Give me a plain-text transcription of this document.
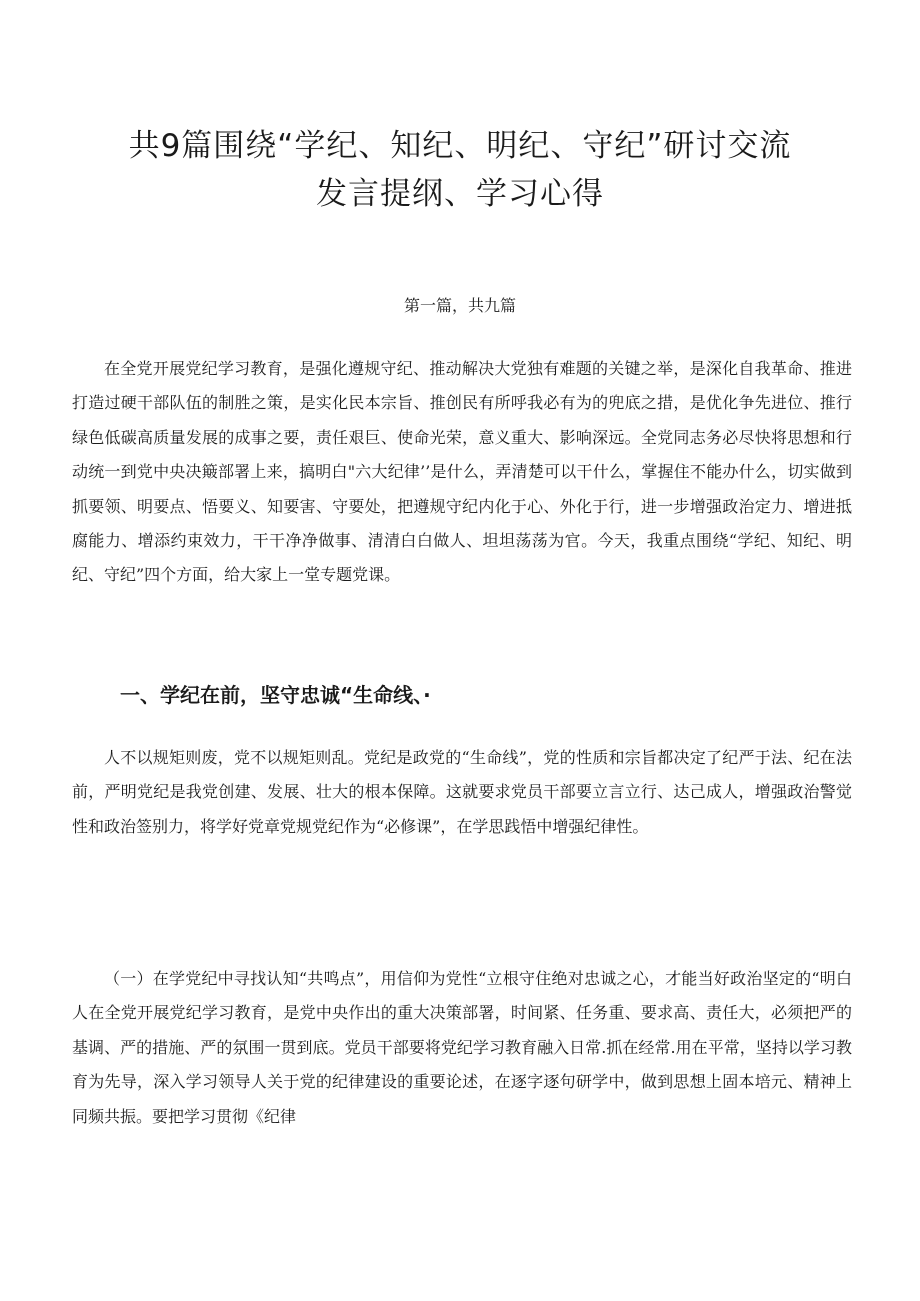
共9篇围绕“学纪、知纪、明纪、守纪”研讨交流
发言提纲、学习心得
第一篇，共九篇

在全党开展党纪学习教育，是强化遵规守纪、推动解决大党独有难题的关键之举，是深化自我革命、推进打造过硬干部队伍的制胜之策，是实化民本宗旨、推创民有所呼我必有为的兜底之措，是优化争先进位、推行绿色低碳高质量发展的成事之要，责任艰巨、使命光荣，意义重大、影响深远。全党同志务必尽快将思想和行动统一到党中央决簸部署上来，搞明白"六大纪律’’是什么，弄清楚可以干什么，掌握住不能办什么，切实做到抓要领、明要点、悟要义、知要害、守要处，把遵规守纪内化于心、外化于行，进一步增强政治定力、增进抵腐能力、增添约束效力，干干净净做事、清清白白做人、坦坦荡荡为官。今天，我重点围绕“学纪、知纪、明纪、守纪”四个方面，给大家上一堂专题党课。

一、学纪在前，坚守忠诚“生命线、·

人不以规矩则废，党不以规矩则乱。党纪是政党的“生命线”，党的性质和宗旨都决定了纪严于法、纪在法前，严明党纪是我党创建、发展、壮大的根本保障。这就要求党员干部要立言立行、达己成人，增强政治警觉性和政治签别力，将学好党章党规党纪作为“必修课”，在学思践悟中增强纪律性。

（一）在学党纪中寻找认知“共鸣点”，用信仰为党性“立根守住绝对忠诚之心，才能当好政治坚定的“明白人在全党开展党纪学习教育，是党中央作出的重大决策部署，时间紧、任务重、要求高、责任大，必须把严的基调、严的措施、严的氛围一贯到底。党员干部要将党纪学习教育融入日常.抓在经常.用在平常，坚持以学习教育为先导，深入学习领导人关于党的纪律建设的重要论述，在逐字逐句研学中，做到思想上固本培元、精神上同频共振。要把学习贯彻《纪律
